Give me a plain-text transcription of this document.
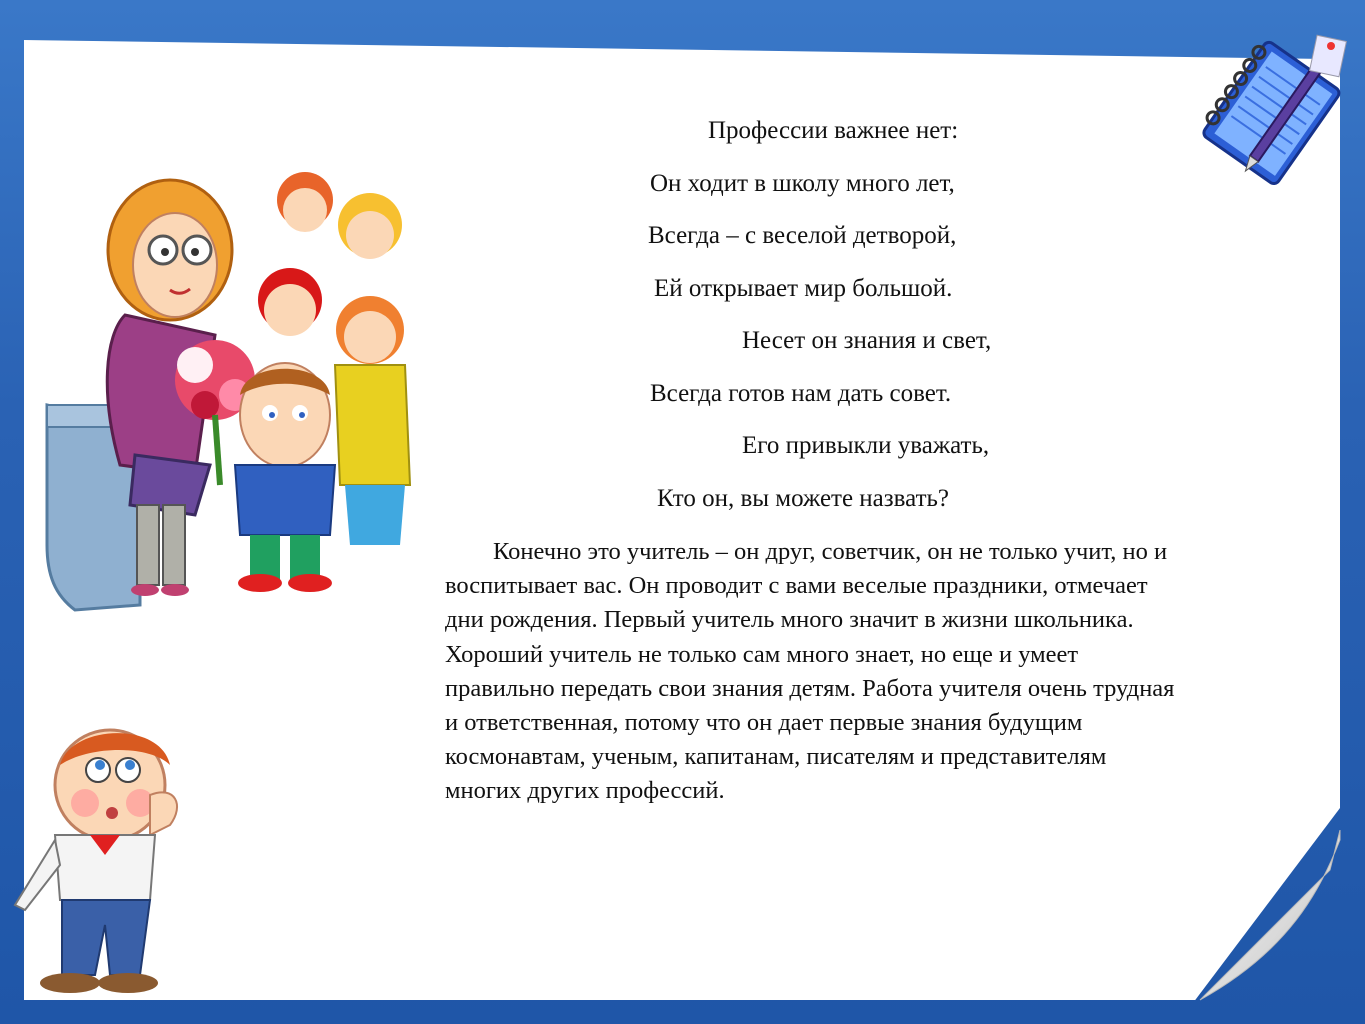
Профессии важнее нет:
Он ходит в школу много лет,
Всегда – с веселой детворой,
Ей открывает мир большой.
Несет он знания и свет,
Всегда готов нам дать совет.
Его привыкли уважать,
Кто он, вы можете назвать?

Конечно это учитель – он друг, советчик, он не только учит, но и воспитывает вас. Он проводит с вами веселые праздники, отмечает дни рождения. Первый учитель много значит в жизни школьника. Хороший учитель не только сам много знает, но еще и умеет правильно передать свои знания детям. Работа учителя очень трудная и ответственная, потому что он дает первые знания будущим космонавтам, ученым, капитанам, писателям и представителям многих других профессий.
